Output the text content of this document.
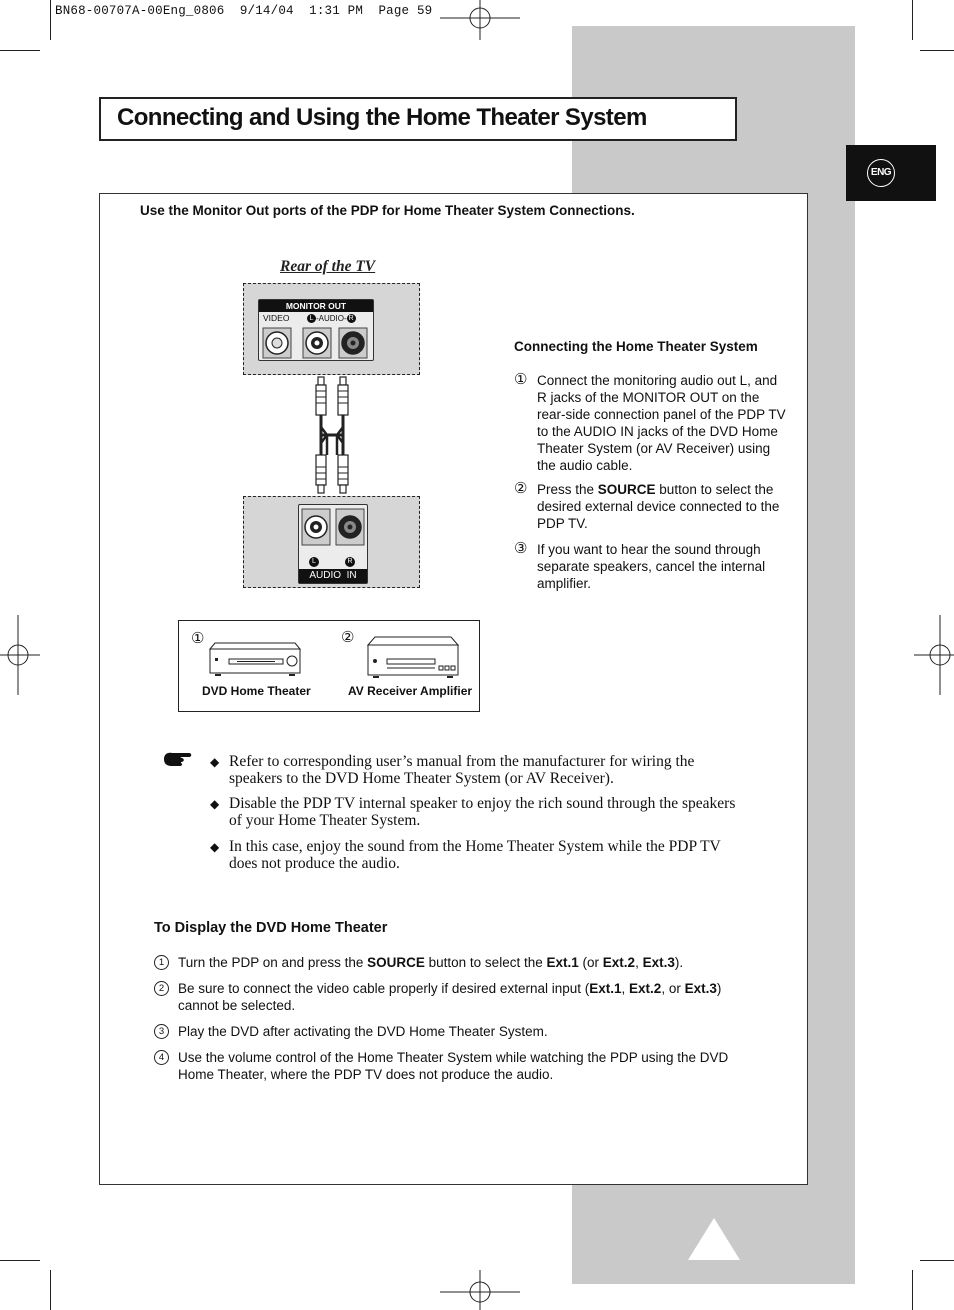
BN68-00707A-00Eng_0806  9/14/04  1:31 PM  Page 59
Connecting and Using the Home Theater System
ENG
Use the Monitor Out ports of the PDP for Home Theater System Connections.
Rear of the TV
MONITOR OUT
VIDEO	L -AUDIO- R
L	R
AUDIO  IN
①	②
DVD Home Theater	AV Receiver Amplifier
Connecting the Home Theater System
① Connect the monitoring audio out L, and R jacks of the MONITOR OUT on the rear-side connection panel of the PDP TV to the AUDIO IN jacks of the DVD Home Theater System (or AV Receiver) using the audio cable.
② Press the SOURCE button to select the desired external device connected to the PDP TV.
③ If you want to hear the sound through separate speakers, cancel the internal amplifier.
◆ Refer to corresponding user’s manual from the manufacturer for wiring the speakers to the DVD Home Theater System (or AV Receiver).
◆ Disable the PDP TV internal speaker to enjoy the rich sound through the speakers of your Home Theater System.
◆ In this case, enjoy the sound from the Home Theater System while the PDP TV does not produce the audio.
To Display the DVD Home Theater
1	Turn the PDP on and press the SOURCE button to select the Ext.1 (or Ext.2, Ext.3).
2	Be sure to connect the video cable properly if desired external input (Ext.1, Ext.2, or Ext.3) cannot be selected.
3	Play the DVD after activating the DVD Home Theater System.
4	Use the volume control of the Home Theater System while watching the PDP using the DVD Home Theater, where the PDP TV does not produce the audio.
